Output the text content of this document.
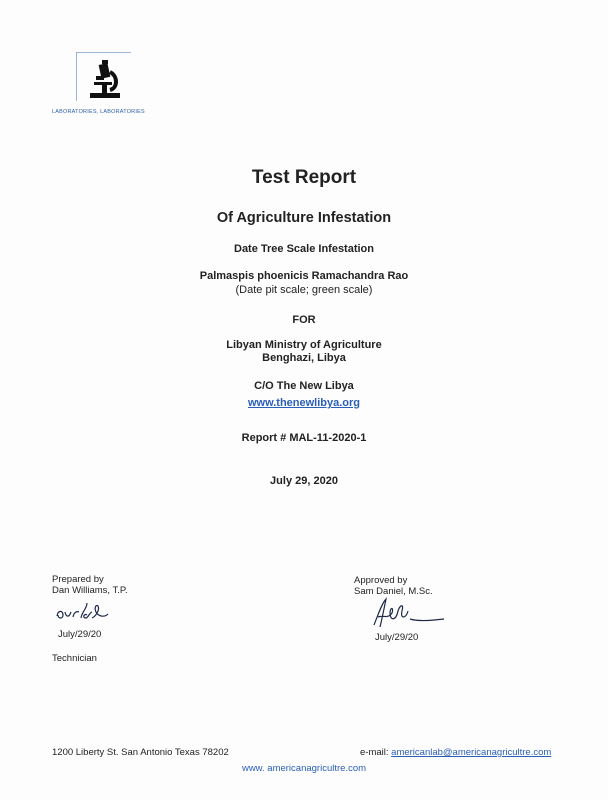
LABORATORIES, LABORATORIES
Test Report
Of Agriculture Infestation
Date Tree Scale Infestation
Palmaspis phoenicis Ramachandra Rao
(Date pit scale; green scale)
FOR
Libyan Ministry of Agriculture
Benghazi, Libya
C/O The New Libya
www.thenewlibya.org
Report # MAL-11-2020-1
July 29, 2020
Prepared by
Dan Williams, T.P.
July/29/20
Technician
Approved by
Sam Daniel, M.Sc.
July/29/20
1200 Liberty St. San Antonio Texas 78202	e-mail: americanlab@americanagricultre.com
www. americanagricultre.com
